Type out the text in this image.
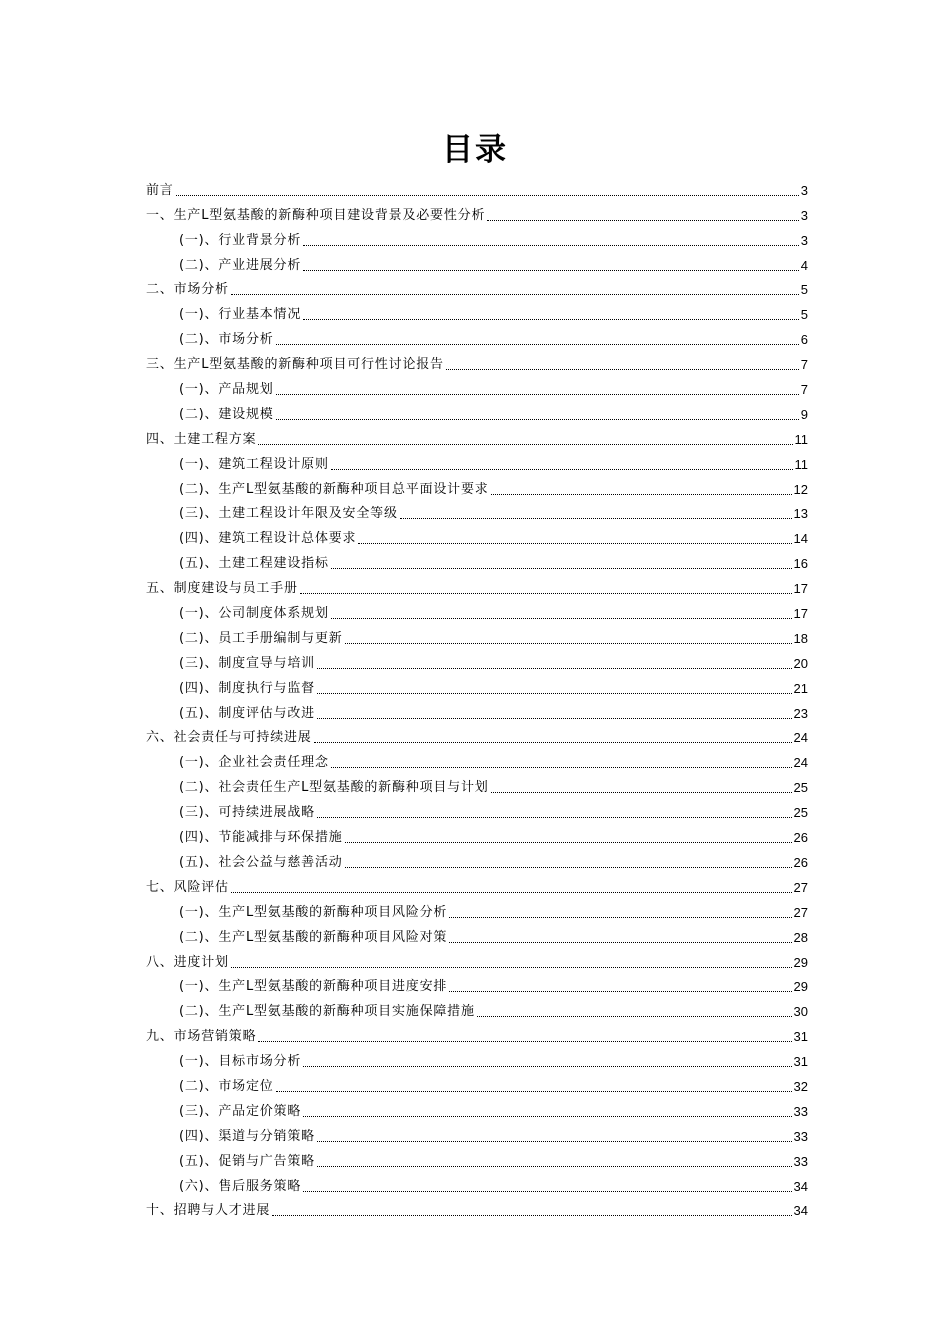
目录
前言	3
一、生产L型氨基酸的新酶种项目建设背景及必要性分析	3
(一)、行业背景分析	3
(二)、产业进展分析	4
二、市场分析	5
(一)、行业基本情况	5
(二)、市场分析	6
三、生产L型氨基酸的新酶种项目可行性讨论报告	7
(一)、产品规划	7
(二)、建设规模	9
四、土建工程方案	11
(一)、建筑工程设计原则	11
(二)、生产L型氨基酸的新酶种项目总平面设计要求	12
(三)、土建工程设计年限及安全等级	13
(四)、建筑工程设计总体要求	14
(五)、土建工程建设指标	16
五、制度建设与员工手册	17
(一)、公司制度体系规划	17
(二)、员工手册编制与更新	18
(三)、制度宣导与培训	20
(四)、制度执行与监督	21
(五)、制度评估与改进	23
六、社会责任与可持续进展	24
(一)、企业社会责任理念	24
(二)、社会责任生产L型氨基酸的新酶种项目与计划	25
(三)、可持续进展战略	25
(四)、节能减排与环保措施	26
(五)、社会公益与慈善活动	26
七、风险评估	27
(一)、生产L型氨基酸的新酶种项目风险分析	27
(二)、生产L型氨基酸的新酶种项目风险对策	28
八、进度计划	29
(一)、生产L型氨基酸的新酶种项目进度安排	29
(二)、生产L型氨基酸的新酶种项目实施保障措施	30
九、市场营销策略	31
(一)、目标市场分析	31
(二)、市场定位	32
(三)、产品定价策略	33
(四)、渠道与分销策略	33
(五)、促销与广告策略	33
(六)、售后服务策略	34
十、招聘与人才进展	34
